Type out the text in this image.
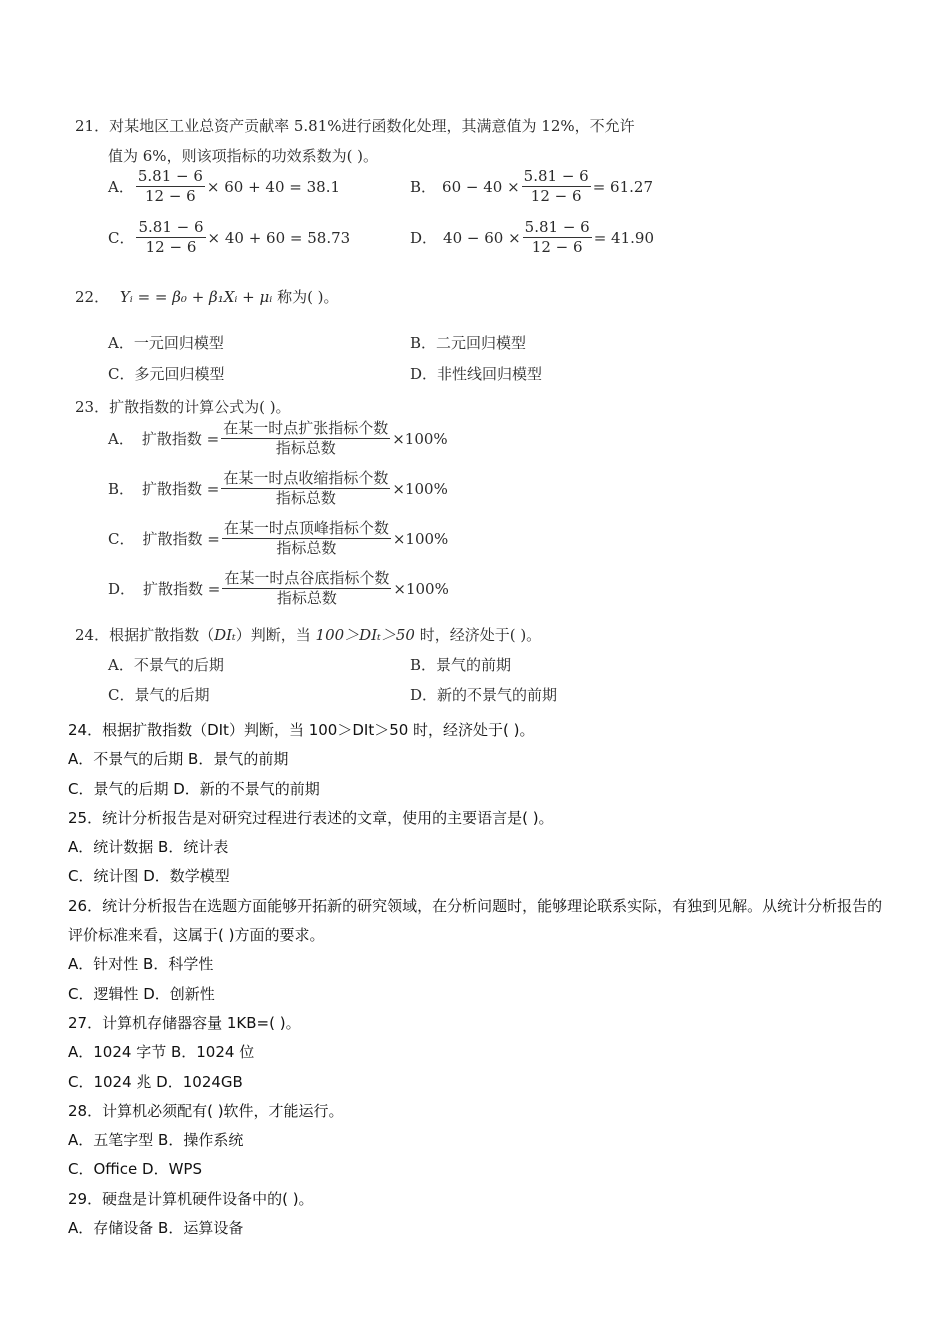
21．对某地区工业总资产贡献率 5.81%进行函数化处理，其满意值为 12%，不允许
值为 6%，则该项指标的功效系数为( )。
A． $\frac{5.81 - 6}{12 - 6} \times 60 + 40 = 38.1$	B． $60 - 40 \times \frac{5.81 - 6}{12 - 6} = 61.27$
C． $\frac{5.81 - 6}{12 - 6} \times 40 + 60 = 58.73$	D． $40 - 60 \times \frac{5.81 - 6}{12 - 6} = 41.90$
22． Yᵢ = = β₀ + β₁Xᵢ + μᵢ 称为( )。
A．一元回归模型	B．二元回归模型
C．多元回归模型	D．非性线回归模型
23．扩散指数的计算公式为( )。
A． 扩散指数 = $\frac{\text{在某一时点扩张指标个数}}{\text{指标总数}} \times 100\%$
B． 扩散指数 = $\frac{\text{在某一时点收缩指标个数}}{\text{指标总数}} \times 100\%$
C． 扩散指数 = $\frac{\text{在某一时点顶峰指标个数}}{\text{指标总数}} \times 100\%$
D． 扩散指数 = $\frac{\text{在某一时点谷底指标个数}}{\text{指标总数}} \times 100\%$
24．根据扩散指数（DIₜ）判断，当 100＞DIₜ＞50 时，经济处于( )。
A．不景气的后期	B．景气的前期
C．景气的后期	D．新的不景气的前期
24．根据扩散指数（DIt）判断，当 100＞DIt＞50 时，经济处于( )。
A．不景气的后期 B．景气的前期
C．景气的后期 D．新的不景气的前期
25．统计分析报告是对研究过程进行表述的文章，使用的主要语言是( )。
A．统计数据 B．统计表
C．统计图 D．数学模型
26．统计分析报告在选题方面能够开拓新的研究领域，在分析问题时，能够理论联系实际，有独到见解。从统计分析报告的评价标准来看，这属于( )方面的要求。
A．针对性 B．科学性
C．逻辑性 D．创新性
27．计算机存储器容量 1KB=( )。
A．1024 字节 B．1024 位
C．1024 兆 D．1024GB
28．计算机必须配有( )软件，才能运行。
A．五笔字型 B．操作系统
C．Office D．WPS
29．硬盘是计算机硬件设备中的( )。
A．存储设备 B．运算设备
